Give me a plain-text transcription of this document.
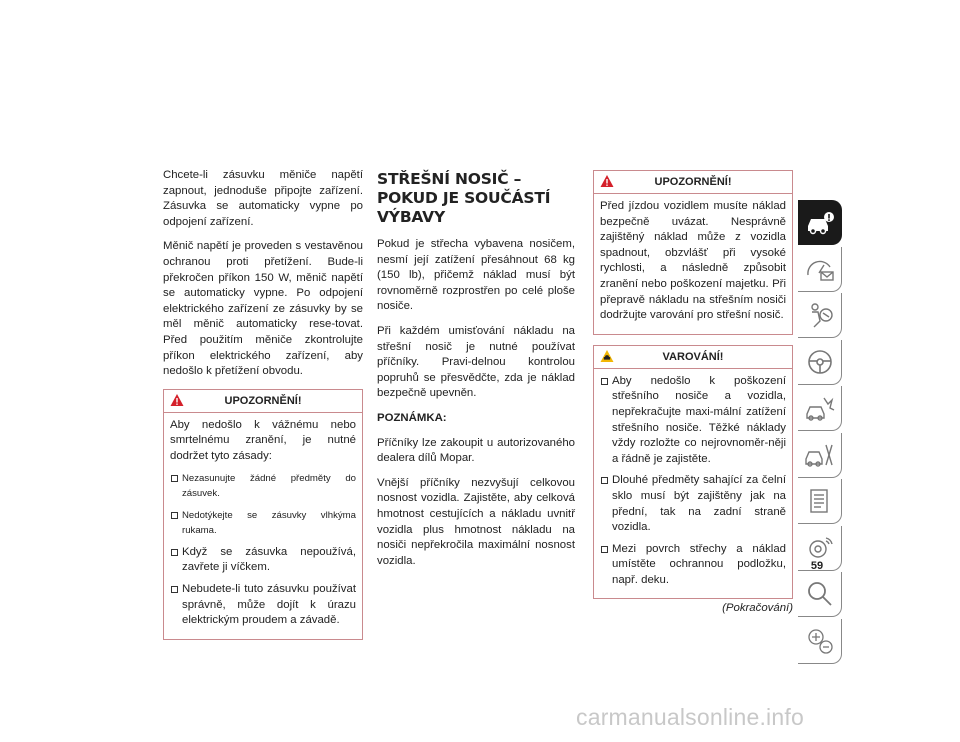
Chcete-li zásuvku měniče napětí zapnout, jednoduše připojte zařízení. Zásuvka se automaticky vypne po odpojení zařízení.

Měnič napětí je proveden s vestavěnou ochranou proti přetížení. Bude-li překročen příkon 150 W, měnič napětí se automaticky vypne. Po odpojení elektrického zařízení ze zásuvky by se měl měnič automaticky rese-tovat. Před použitím měniče zkontrolujte příkon elektrického zařízení, aby nedošlo k přetížení obvodu.

UPOZORNĚNÍ!

Aby nedošlo k vážnému nebo smrtelnému zranění, je nutné dodržet tyto zásady:

Nezasunujte žádné předměty do zásuvek.
Nedotýkejte se zásuvky vlhkýma rukama.
Když se zásuvka nepoužívá, zavřete ji víčkem.
Nebudete-li tuto zásuvku používat správně, může dojít k úrazu elektrickým proudem a závadě.
STŘEŠNÍ NOSIČ – POKUD JE SOUČÁSTÍ VÝBAVY

Pokud je střecha vybavena nosičem, nesmí její zatížení přesáhnout 68 kg (150 lb), přičemž náklad musí být rovnoměrně rozprostřen po celé ploše nosiče.

Při každém umisťování nákladu na střešní nosič je nutné používat příčníky. Pravi-delnou kontrolou popruhů se přesvědčte, zda je náklad bezpečně upevněn.

POZNÁMKA:

Příčníky lze zakoupit u autorizovaného dealera dílů Mopar.

Vnější příčníky nezvyšují celkovou nosnost vozidla. Zajistěte, aby celková hmotnost cestujících a nákladu uvnitř vozidla plus hmotnost nákladu na nosiči nepřekročila maximální nosnost vozidla.

UPOZORNĚNÍ!

Před jízdou vozidlem musíte náklad bezpečně uvázat. Nesprávně zajištěný náklad může z vozidla spadnout, obzvlášť při vysoké rychlosti, a následně způsobit zranění nebo poškození majetku. Při přepravě nákladu na střešním nosiči dodržujte varování pro střešní nosič.

VAROVÁNÍ!
Aby nedošlo k poškození střešního nosiče a vozidla, nepřekračujte maxi-mální zatížení střešního nosiče. Těžké náklady vždy rozložte co nejrovnoměr-něji a řádně je zajistěte.
Dlouhé předměty sahající za čelní sklo musí být zajištěny jak na přední, tak na zadní straně vozidla.
Mezi povrch střechy a náklad umístěte ochrannou podložku, např. deku.
(Pokračování)
59
carmanualsonline.info
